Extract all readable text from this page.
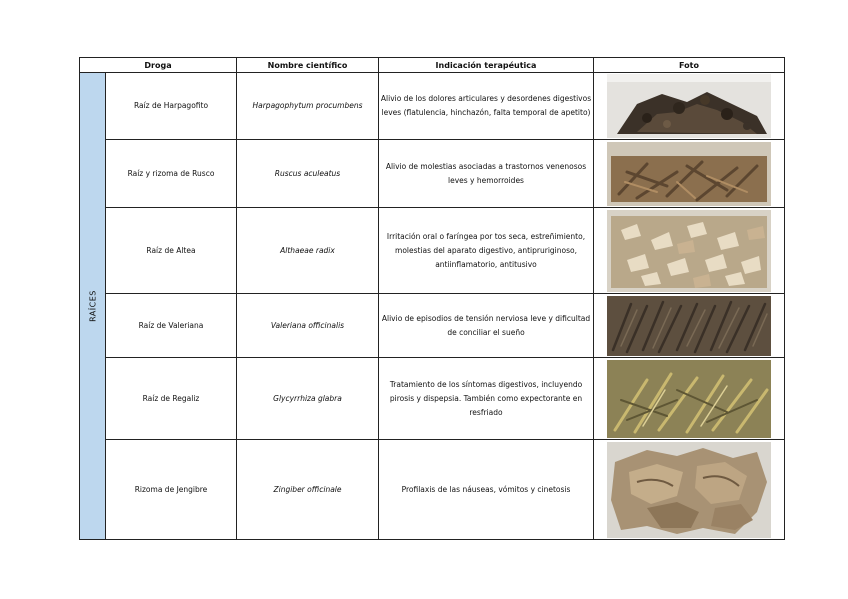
Droga		Nombre científico	Indicación terapéutica	Foto

RAÍCES	Raíz de Harpagofito	Harpagophytum procumbens	Alivio de los dolores articulares y desordenes digestivos leves (flatulencia, hinchazón, falta temporal de apetito)	

	Raíz y rizoma de Rusco	Ruscus aculeatus	Alivio de molestias asociadas a trastornos venenosos leves y hemorroides	

	Raíz de Altea	Althaeae radix	Irritación oral o faríngea por tos seca, estreñimiento, molestias del aparato digestivo, antipruriginoso, antiinflamatorio, antitusivo	

	Raíz de Valeriana	Valeriana officinalis	Alivio de episodios de tensión nerviosa leve y dificultad de conciliar el sueño	

	Raíz de Regaliz	Glycyrrhiza glabra	Tratamiento de los síntomas digestivos, incluyendo pirosis y dispepsia. También como expectorante en resfriado	

	Rizoma de Jengibre	Zingiber officinale	Profilaxis de las náuseas, vómitos y cinetosis	
